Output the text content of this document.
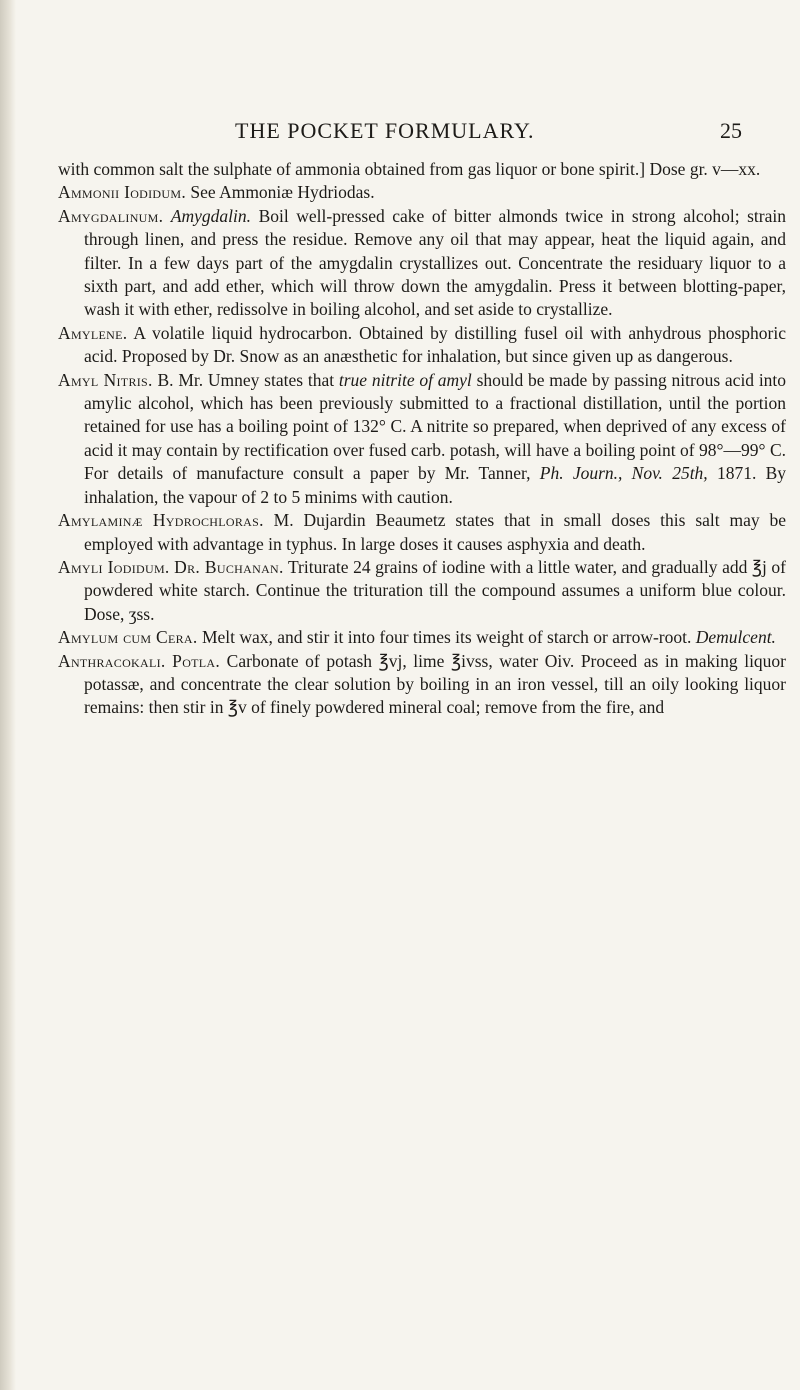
THE POCKET FORMULARY.	25

with common salt the sulphate of ammonia obtained from gas liquor or bone spirit.] Dose gr. v—xx.

Ammonii Iodidum. See Ammoniæ Hydriodas.

Amygdalinum. Amygdalin. Boil well-pressed cake of bitter almonds twice in strong alcohol; strain through linen, and press the residue. Remove any oil that may appear, heat the liquid again, and filter. In a few days part of the amygdalin crystallizes out. Concentrate the residuary liquor to a sixth part, and add ether, which will throw down the amygdalin. Press it between blotting-paper, wash it with ether, redissolve in boiling alcohol, and set aside to crystallize.

Amylene. A volatile liquid hydrocarbon. Obtained by distilling fusel oil with anhydrous phosphoric acid. Proposed by Dr. Snow as an anæsthetic for inhalation, but since given up as dangerous.

Amyl Nitris. B. Mr. Umney states that true nitrite of amyl should be made by passing nitrous acid into amylic alcohol, which has been previously submitted to a fractional distillation, until the portion retained for use has a boiling point of 132° C. A nitrite so prepared, when deprived of any excess of acid it may contain by rectification over fused carb. potash, will have a boiling point of 98°—99° C. For details of manufacture consult a paper by Mr. Tanner, Ph. Journ., Nov. 25th, 1871. By inhalation, the vapour of 2 to 5 minims with caution.

Amylaminæ Hydrochloras. M. Dujardin Beaumetz states that in small doses this salt may be employed with advantage in typhus. In large doses it causes asphyxia and death.

Amyli Iodidum. Dr. Buchanan. Triturate 24 grains of iodine with a little water, and gradually add ℥j of powdered white starch. Continue the trituration till the compound assumes a uniform blue colour. Dose, ʒss.

Amylum cum Cera. Melt wax, and stir it into four times its weight of starch or arrow-root. Demulcent.

Anthracokali. Potla. Carbonate of potash ℥vj, lime ℥ivss, water Oiv. Proceed as in making liquor potassæ, and concentrate the clear solution by boiling in an iron vessel, till an oily looking liquor remains: then stir in ℥v of finely powdered mineral coal; remove from the fire, and
